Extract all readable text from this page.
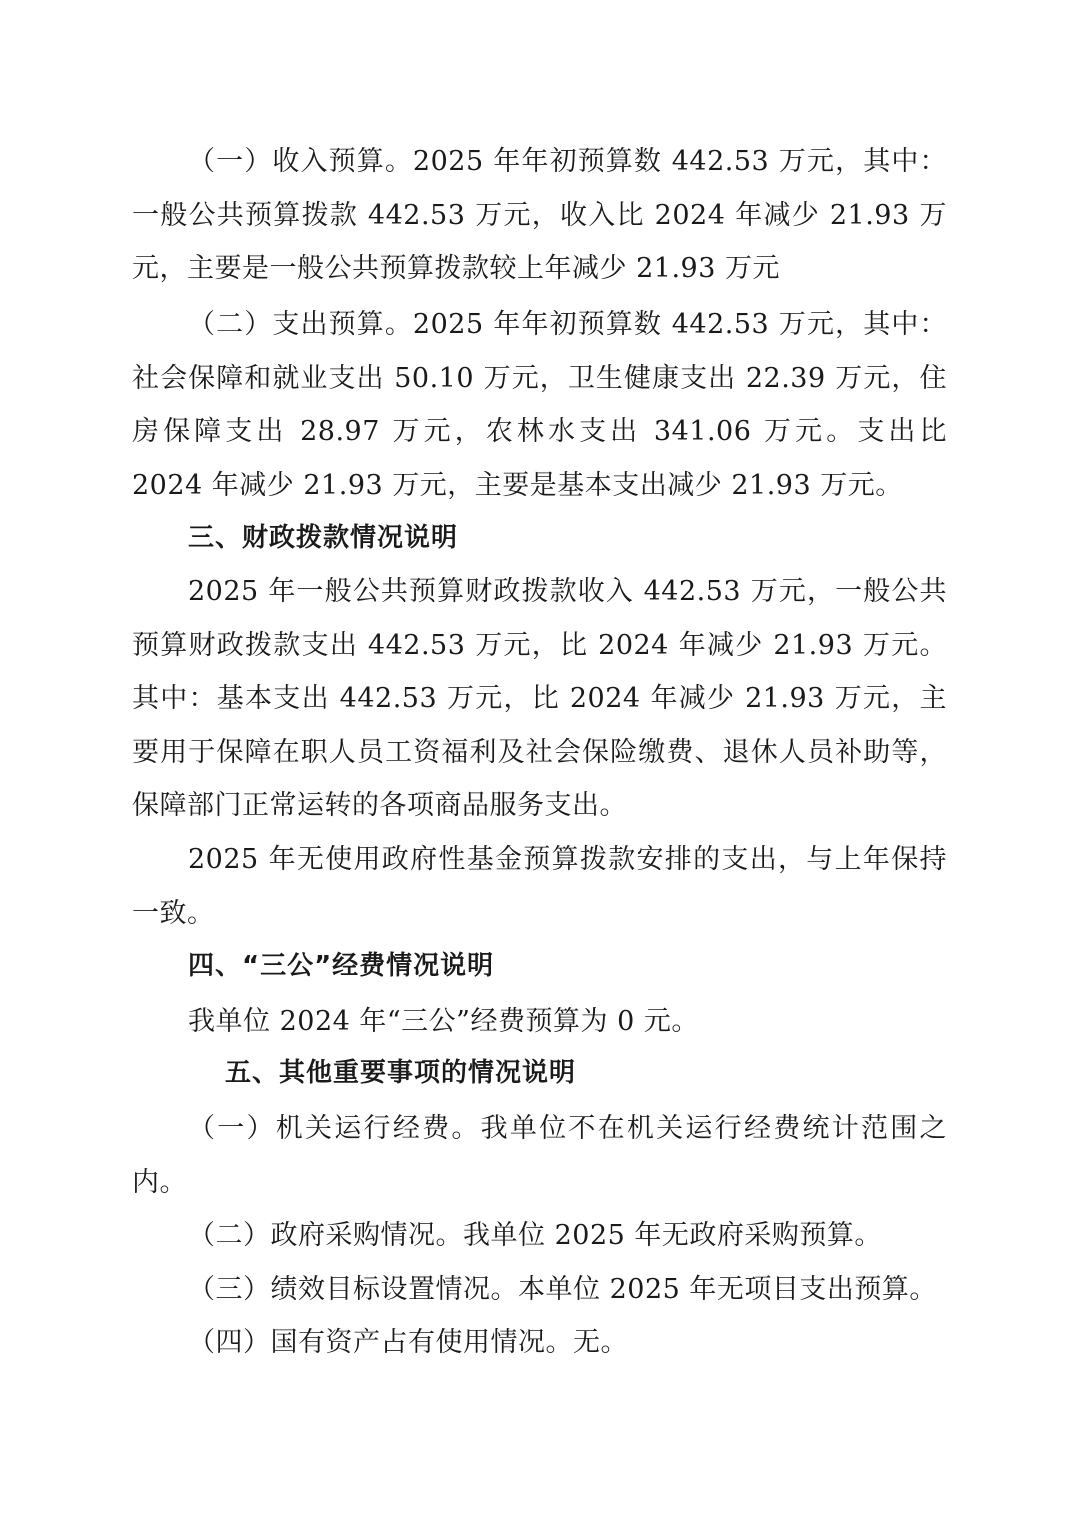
（一）收入预算。2025 年年初预算数 442.53 万元，其中：一般公共预算拨款 442.53 万元，收入比 2024 年减少 21.93 万元，主要是一般公共预算拨款较上年减少 21.93 万元

（二）支出预算。2025 年年初预算数 442.53 万元，其中：社会保障和就业支出 50.10 万元，卫生健康支出 22.39 万元，住房保障支出 28.97 万元，农林水支出 341.06 万元。支出比 2024 年减少 21.93 万元，主要是基本支出减少 21.93 万元。

三、财政拨款情况说明

2025 年一般公共预算财政拨款收入 442.53 万元，一般公共预算财政拨款支出 442.53 万元，比 2024 年减少 21.93 万元。其中：基本支出 442.53 万元，比 2024 年减少 21.93 万元，主要用于保障在职人员工资福利及社会保险缴费、退休人员补助等，保障部门正常运转的各项商品服务支出。

2025 年无使用政府性基金预算拨款安排的支出，与上年保持一致。

四、“三公”经费情况说明

我单位 2024 年“三公”经费预算为 0 元。

五、其他重要事项的情况说明

（一）机关运行经费。我单位不在机关运行经费统计范围之内。

（二）政府采购情况。我单位 2025 年无政府采购预算。

（三）绩效目标设置情况。本单位 2025 年无项目支出预算。

（四）国有资产占有使用情况。无。
